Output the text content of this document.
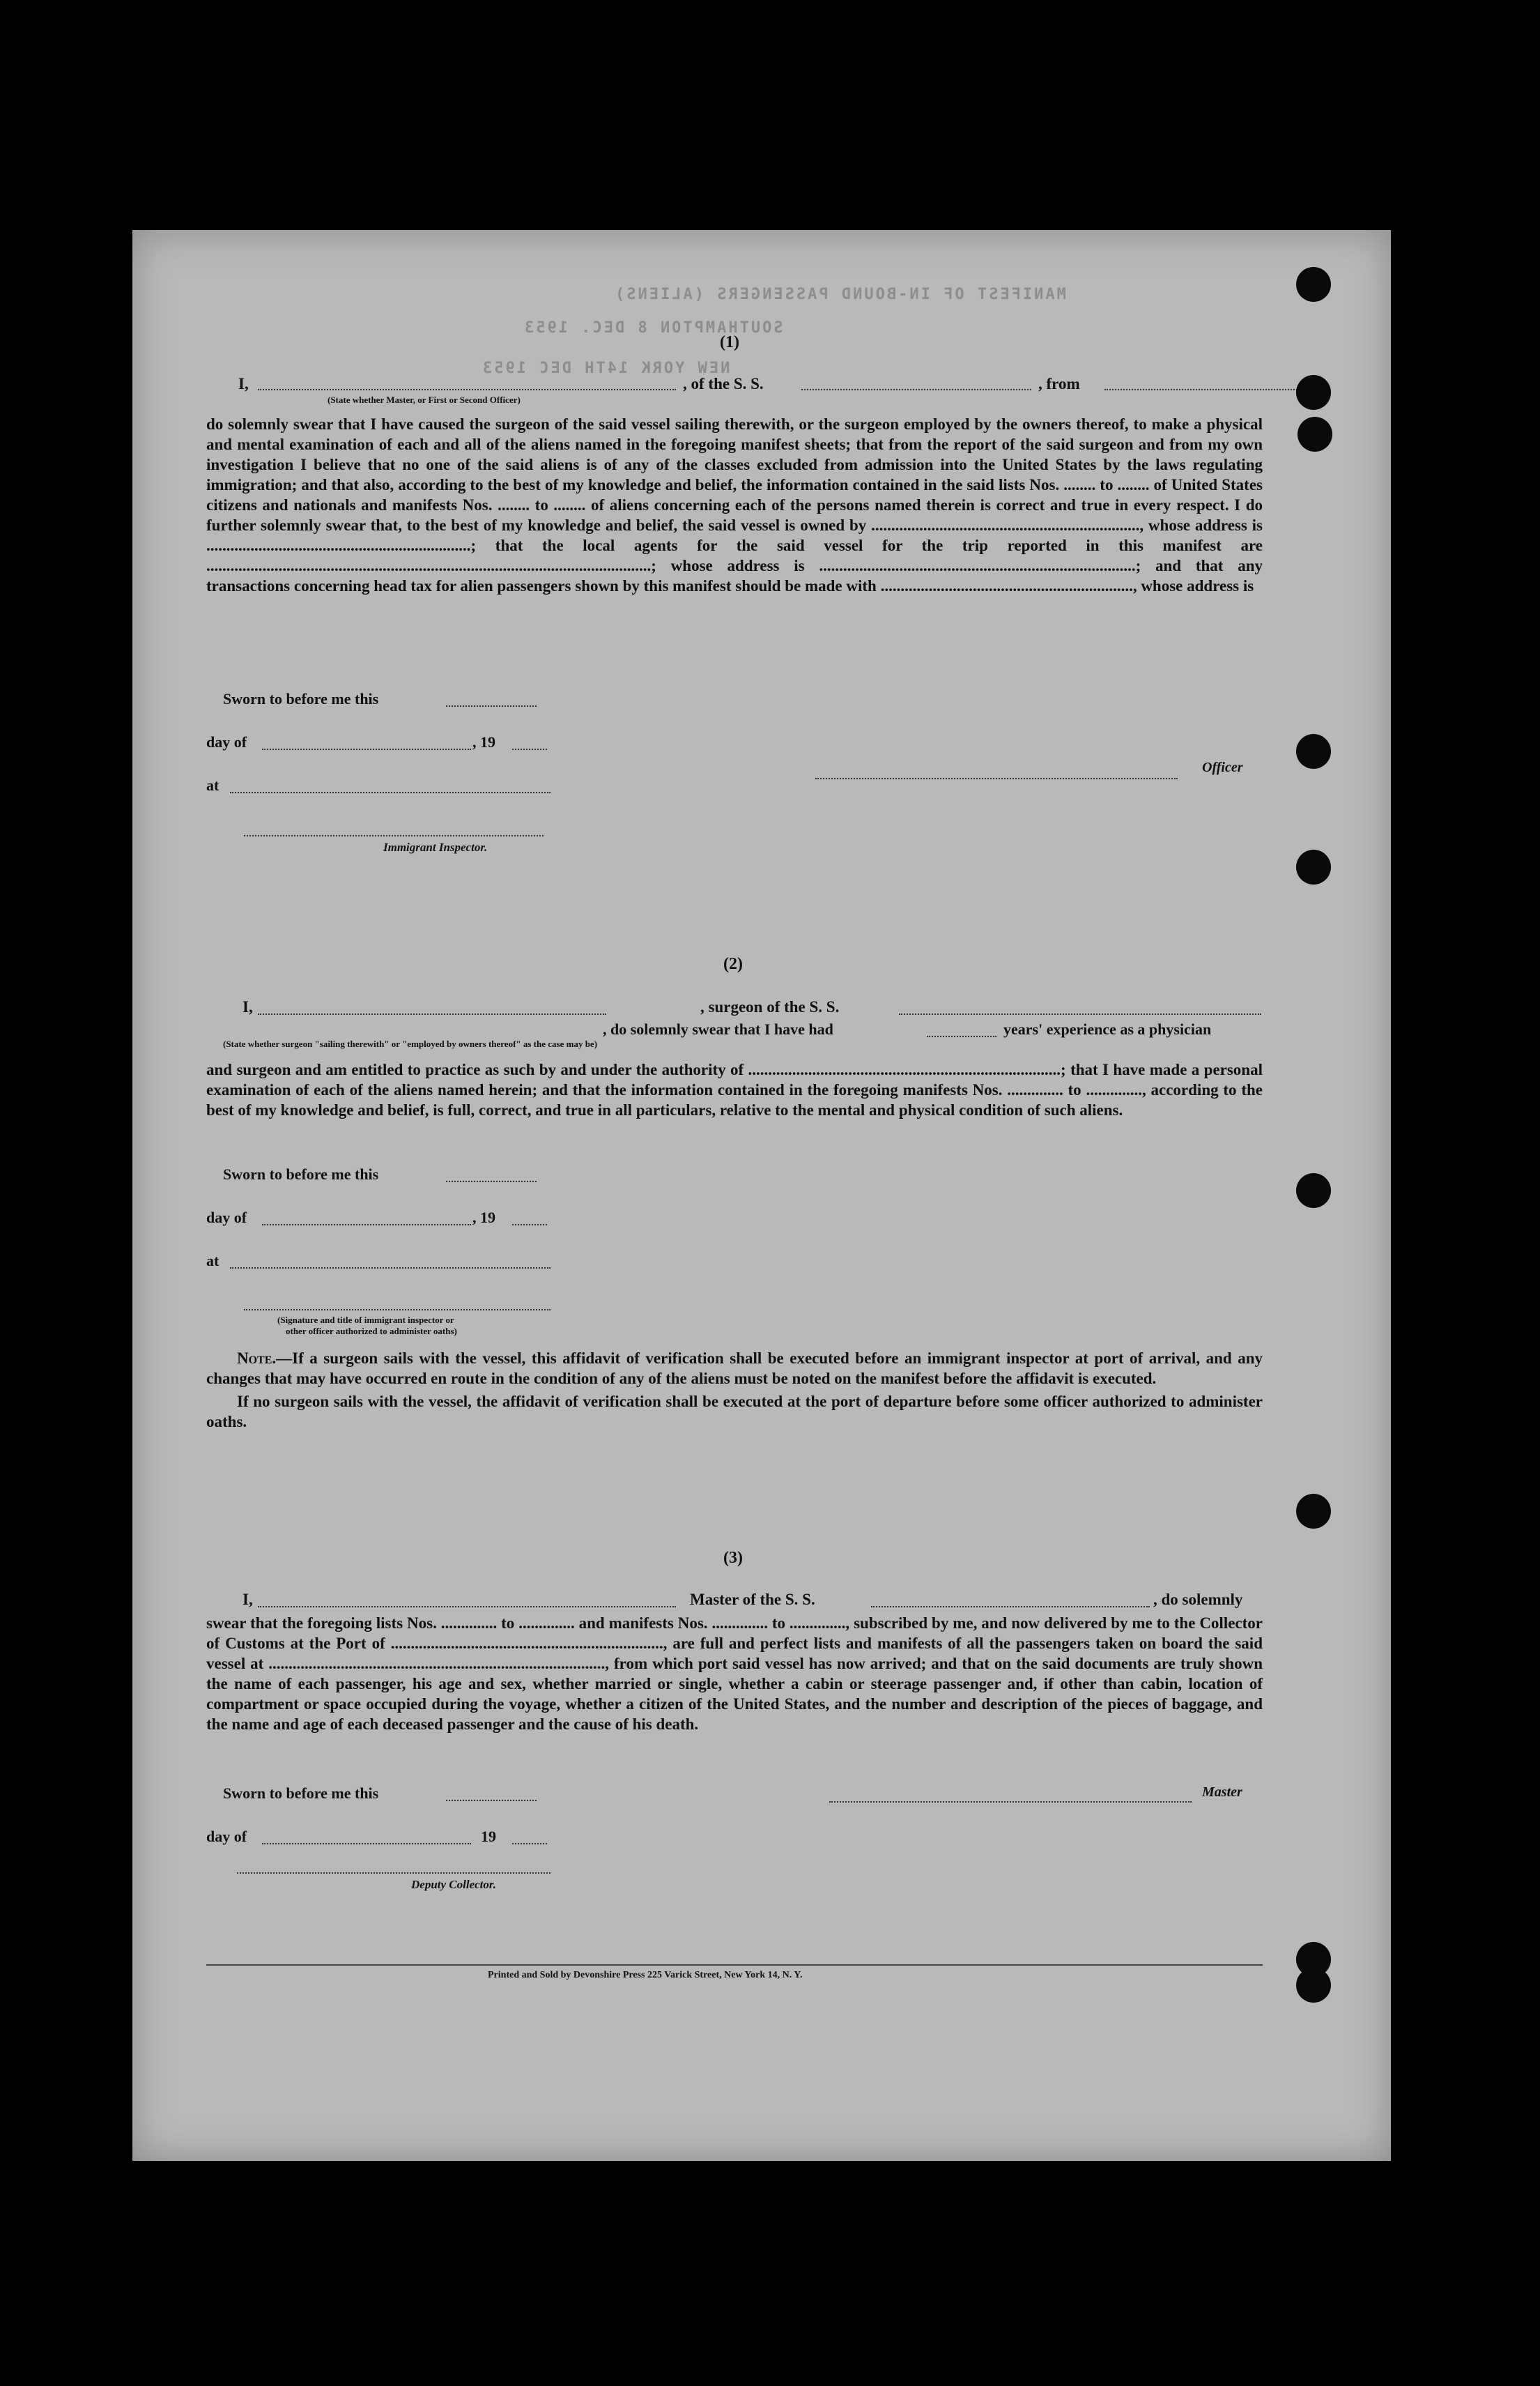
MANIFEST OF IN-BOUND PASSENGERS (ALIENS)
SOUTHAMPTON 8 DEC. 1953
NEW YORK 14TH DEC 1953
(1)
I,	, of the S. S.	, from
(State whether Master, or First or Second Officer)

do solemnly swear that I have caused the surgeon of the said vessel sailing therewith, or the surgeon employed by the owners thereof, to make a physical and mental examination of each and all of the aliens named in the foregoing manifest sheets; that from the report of the said surgeon and from my own investigation I believe that no one of the said aliens is of any of the classes excluded from admission into the United States by the laws regulating immigration; and that also, according to the best of my knowledge and belief, the information contained in the said lists Nos. ........ to ........ of United States citizens and nationals and manifests Nos. ........ to ........ of aliens concerning each of the persons named therein is correct and true in every respect. I do further solemnly swear that, to the best of my knowledge and belief, the said vessel is owned by ..................................................................., whose address is ..................................................................; that the local agents for the said vessel for the trip reported in this manifest are ...............................................................................................................; whose address is ...............................................................................; and that any transactions concerning head tax for alien passengers shown by this manifest should be made with ..............................................................., whose address is

Sworn to before me this
day of	, 19
at
Officer
Immigrant Inspector.
(2)
I,
, do solemnly swear that I have had
, surgeon of the S. S.
years' experience as a physician
(State whether surgeon "sailing therewith" or "employed by owners thereof" as the case may be)

and surgeon and am entitled to practice as such by and under the authority of ..............................................................................; that I have made a personal examination of each of the aliens named herein; and that the information contained in the foregoing manifests Nos. .............. to .............., according to the best of my knowledge and belief, is full, correct, and true in all particulars, relative to the mental and physical condition of such aliens.

Sworn to before me this
day of	, 19
at
(Signature and title of immigrant inspector or
other officer authorized to administer oaths)

Note.—If a surgeon sails with the vessel, this affidavit of verification shall be executed before an immigrant inspector at port of arrival, and any changes that may have occurred en route in the condition of any of the aliens must be noted on the manifest before the affidavit is executed.

If no surgeon sails with the vessel, the affidavit of verification shall be executed at the port of departure before some officer authorized to administer oaths.

(3)
I,	Master of the S. S.	, do solemnly

swear that the foregoing lists Nos. .............. to .............. and manifests Nos. .............. to .............., subscribed by me, and now delivered by me to the Collector of Customs at the Port of ...................................................................., are full and perfect lists and manifests of all the passengers taken on board the said vessel at ...................................................................................., from which port said vessel has now arrived; and that on the said documents are truly shown the name of each passenger, his age and sex, whether married or single, whether a cabin or steerage passenger and, if other than cabin, location of compartment or space occupied during the voyage, whether a citizen of the United States, and the number and description of the pieces of baggage, and the name and age of each deceased passenger and the cause of his death.

Sworn to before me this
day of	19
Master
Deputy Collector.
Printed and Sold by Devonshire Press 225 Varick Street, New York 14, N. Y.
